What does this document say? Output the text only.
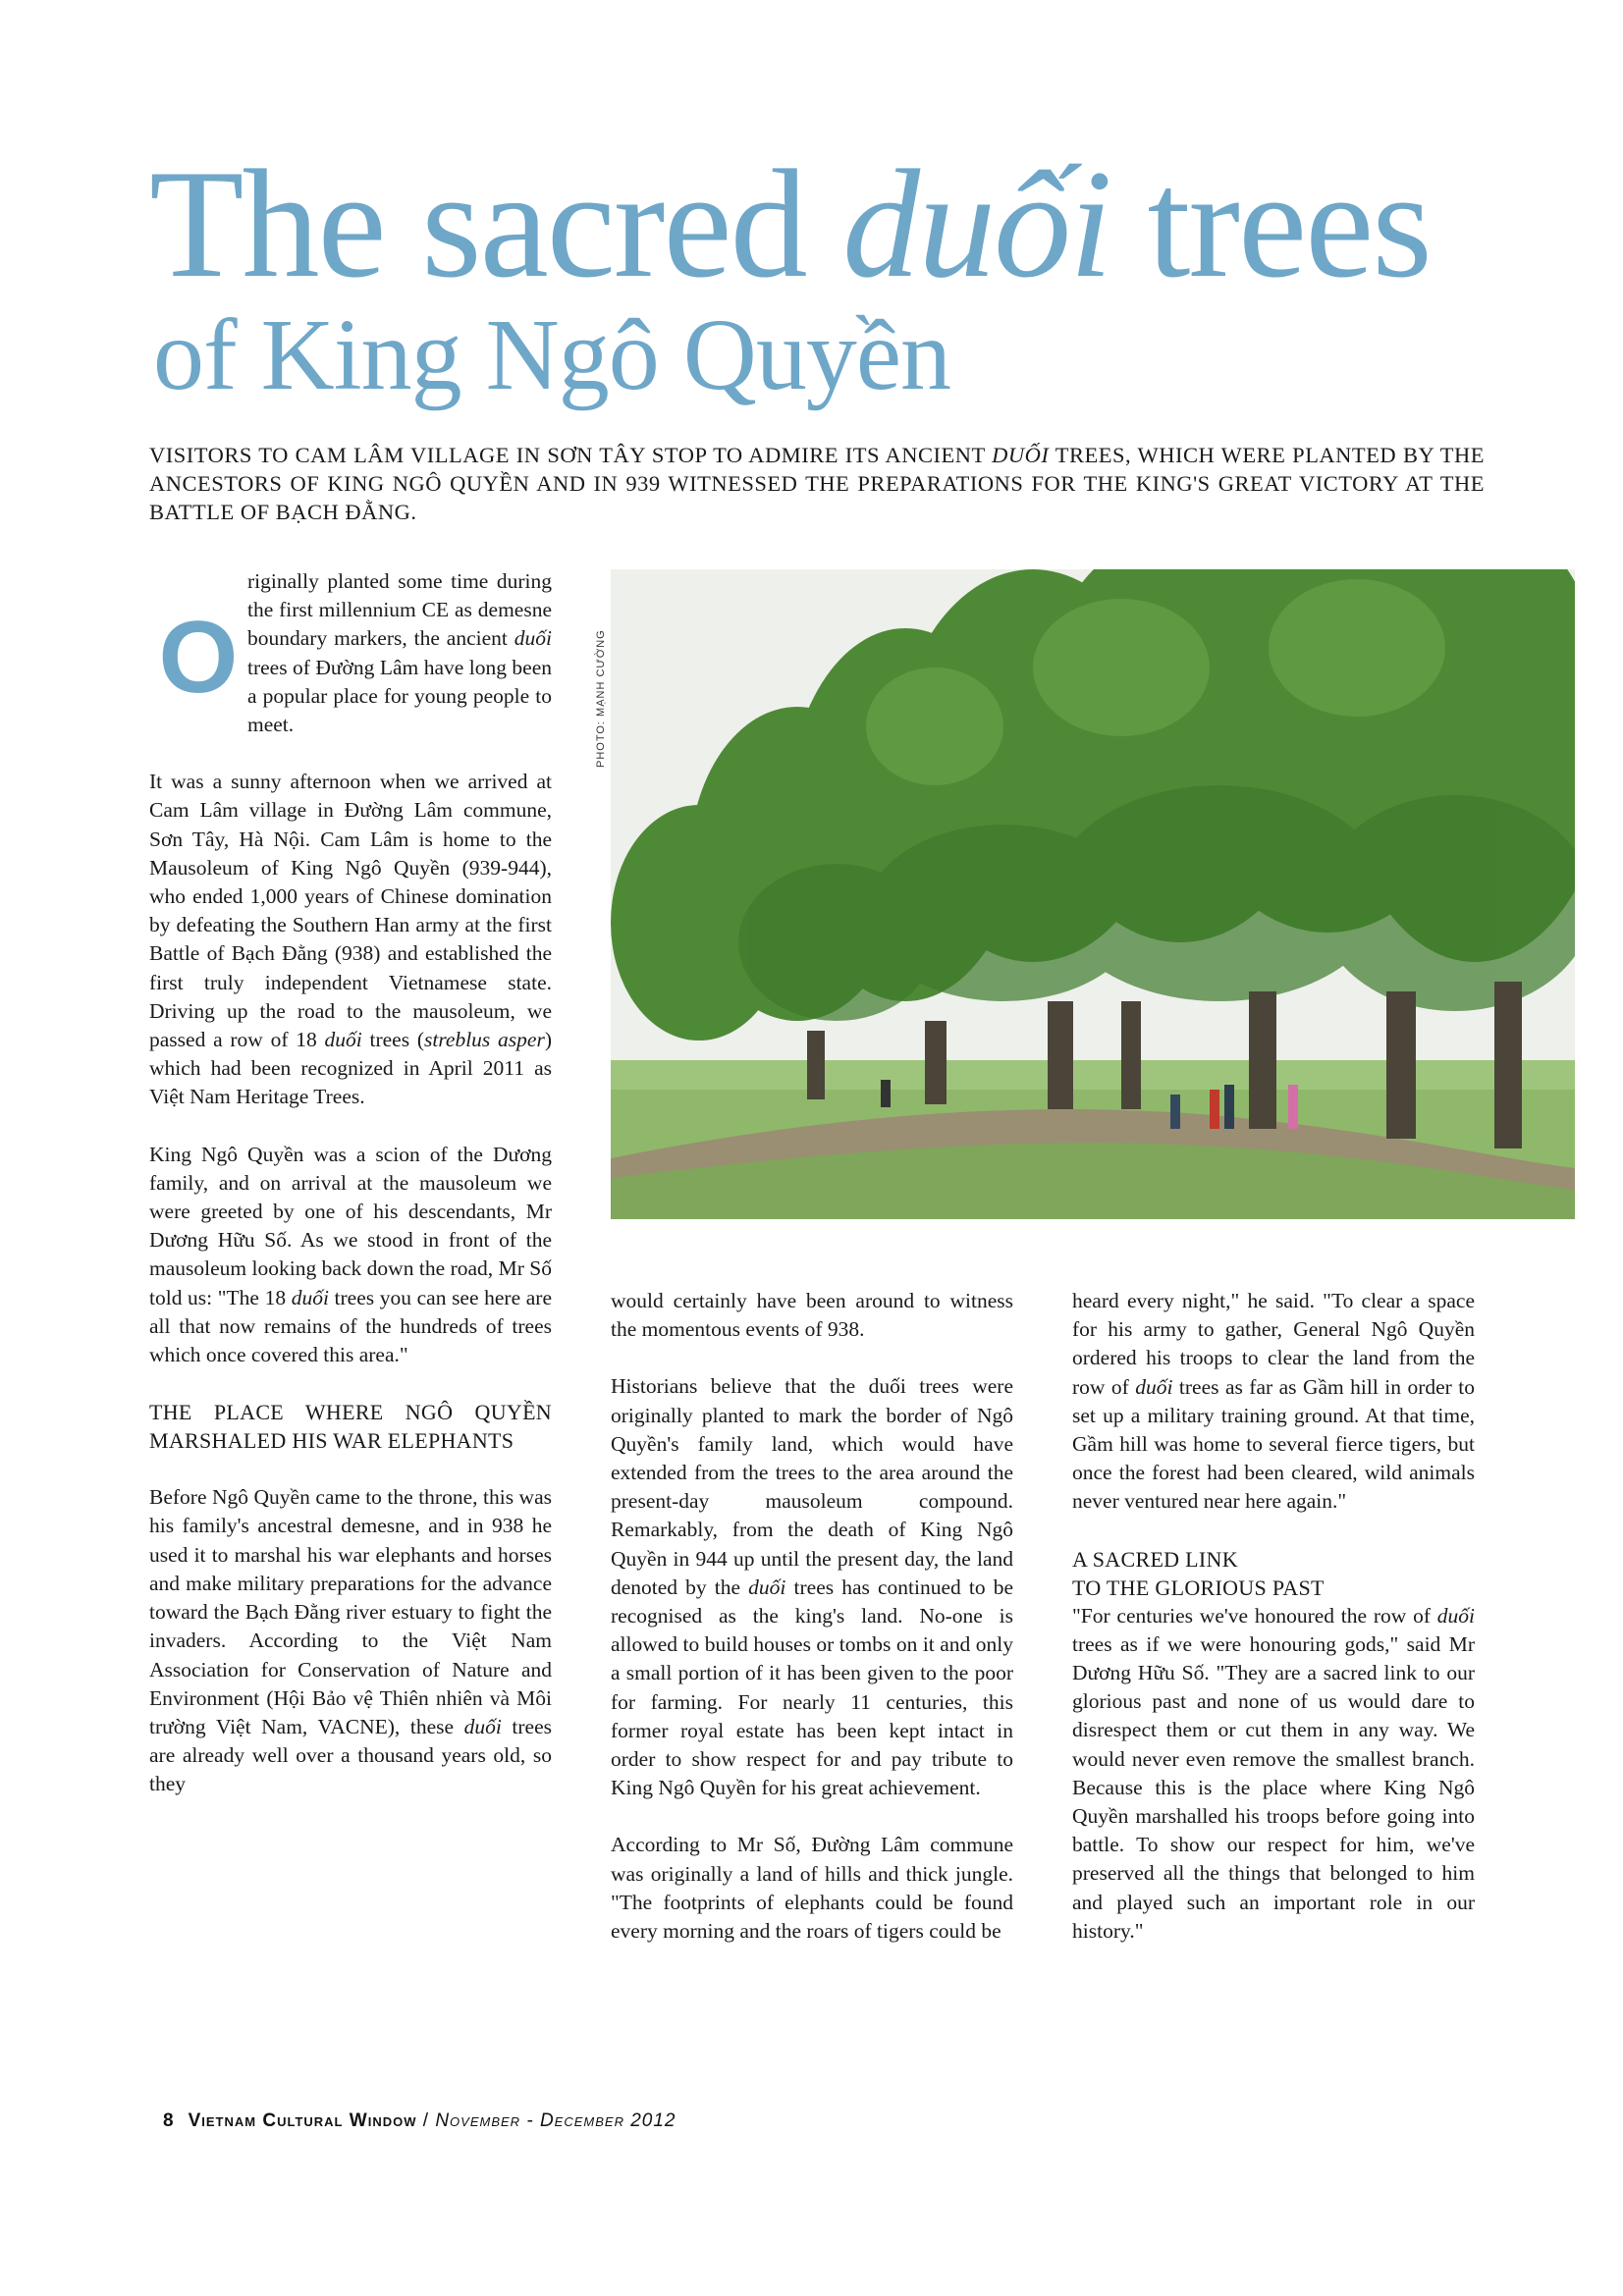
The sacred duối trees
of King Ngô Quyền

VISITORS TO CAM LÂM VILLAGE IN SƠN TÂY STOP TO ADMIRE ITS ANCIENT DUỐI TREES, WHICH WERE PLANTED BY THE ANCESTORS OF KING NGÔ QUYỀN AND IN 939 WITNESSED THE PREPARATIONS FOR THE KING'S GREAT VICTORY AT THE BATTLE OF BẠCH ĐẰNG.

PHOTO: MẠNH CƯỜNG

O
riginally planted some time during the first millennium CE as demesne boundary markers, the ancient duối trees of Đường Lâm have long been a popular place for young people to meet.

It was a sunny afternoon when we arrived at Cam Lâm village in Đường Lâm commune, Sơn Tây, Hà Nội. Cam Lâm is home to the Mausoleum of King Ngô Quyền (939-944), who ended 1,000 years of Chinese domination by defeating the Southern Han army at the first Battle of Bạch Đằng (938) and established the first truly independent Vietnamese state. Driving up the road to the mausoleum, we passed a row of 18 duối trees (streblus asper) which had been recognized in April 2011 as Việt Nam Heritage Trees.

King Ngô Quyền was a scion of the Dương family, and on arrival at the mausoleum we were greeted by one of his descendants, Mr Dương Hữu Số. As we stood in front of the mausoleum looking back down the road, Mr Số told us: "The 18 duối trees you can see here are all that now remains of the hundreds of trees which once covered this area."

THE PLACE WHERE NGÔ QUYỀN MARSHALED HIS WAR ELEPHANTS

Before Ngô Quyền came to the throne, this was his family's ancestral demesne, and in 938 he used it to marshal his war elephants and horses and make military preparations for the advance toward the Bạch Đằng river estuary to fight the invaders. According to the Việt Nam Association for Conservation of Nature and Environment (Hội Bảo vệ Thiên nhiên và Môi trường Việt Nam, VACNE), these duối trees are already well over a thousand years old, so they

would certainly have been around to witness the momentous events of 938.

Historians believe that the duối trees were originally planted to mark the border of Ngô Quyền's family land, which would have extended from the trees to the area around the present-day mausoleum compound. Remarkably, from the death of King Ngô Quyền in 944 up until the present day, the land denoted by the duối trees has continued to be recognised as the king's land. No-one is allowed to build houses or tombs on it and only a small portion of it has been given to the poor for farming. For nearly 11 centuries, this former royal estate has been kept intact in order to show respect for and pay tribute to King Ngô Quyền for his great achievement.

According to Mr Số, Đường Lâm commune was originally a land of hills and thick jungle. "The footprints of elephants could be found every morning and the roars of tigers could be

heard every night," he said. "To clear a space for his army to gather, General Ngô Quyền ordered his troops to clear the land from the row of duối trees as far as Gầm hill in order to set up a military training ground. At that time, Gầm hill was home to several fierce tigers, but once the forest had been cleared, wild animals never ventured near here again."

A SACRED LINK
TO THE GLORIOUS PAST

"For centuries we've honoured the row of duối trees as if we were honouring gods," said Mr Dương Hữu Số. "They are a sacred link to our glorious past and none of us would dare to disrespect them or cut them in any way. We would never even remove the smallest branch. Because this is the place where King Ngô Quyền marshalled his troops before going into battle. To show our respect for him, we've preserved all the things that belonged to him and played such an important role in our history."

8 Vietnam Cultural Window / November - December 2012
